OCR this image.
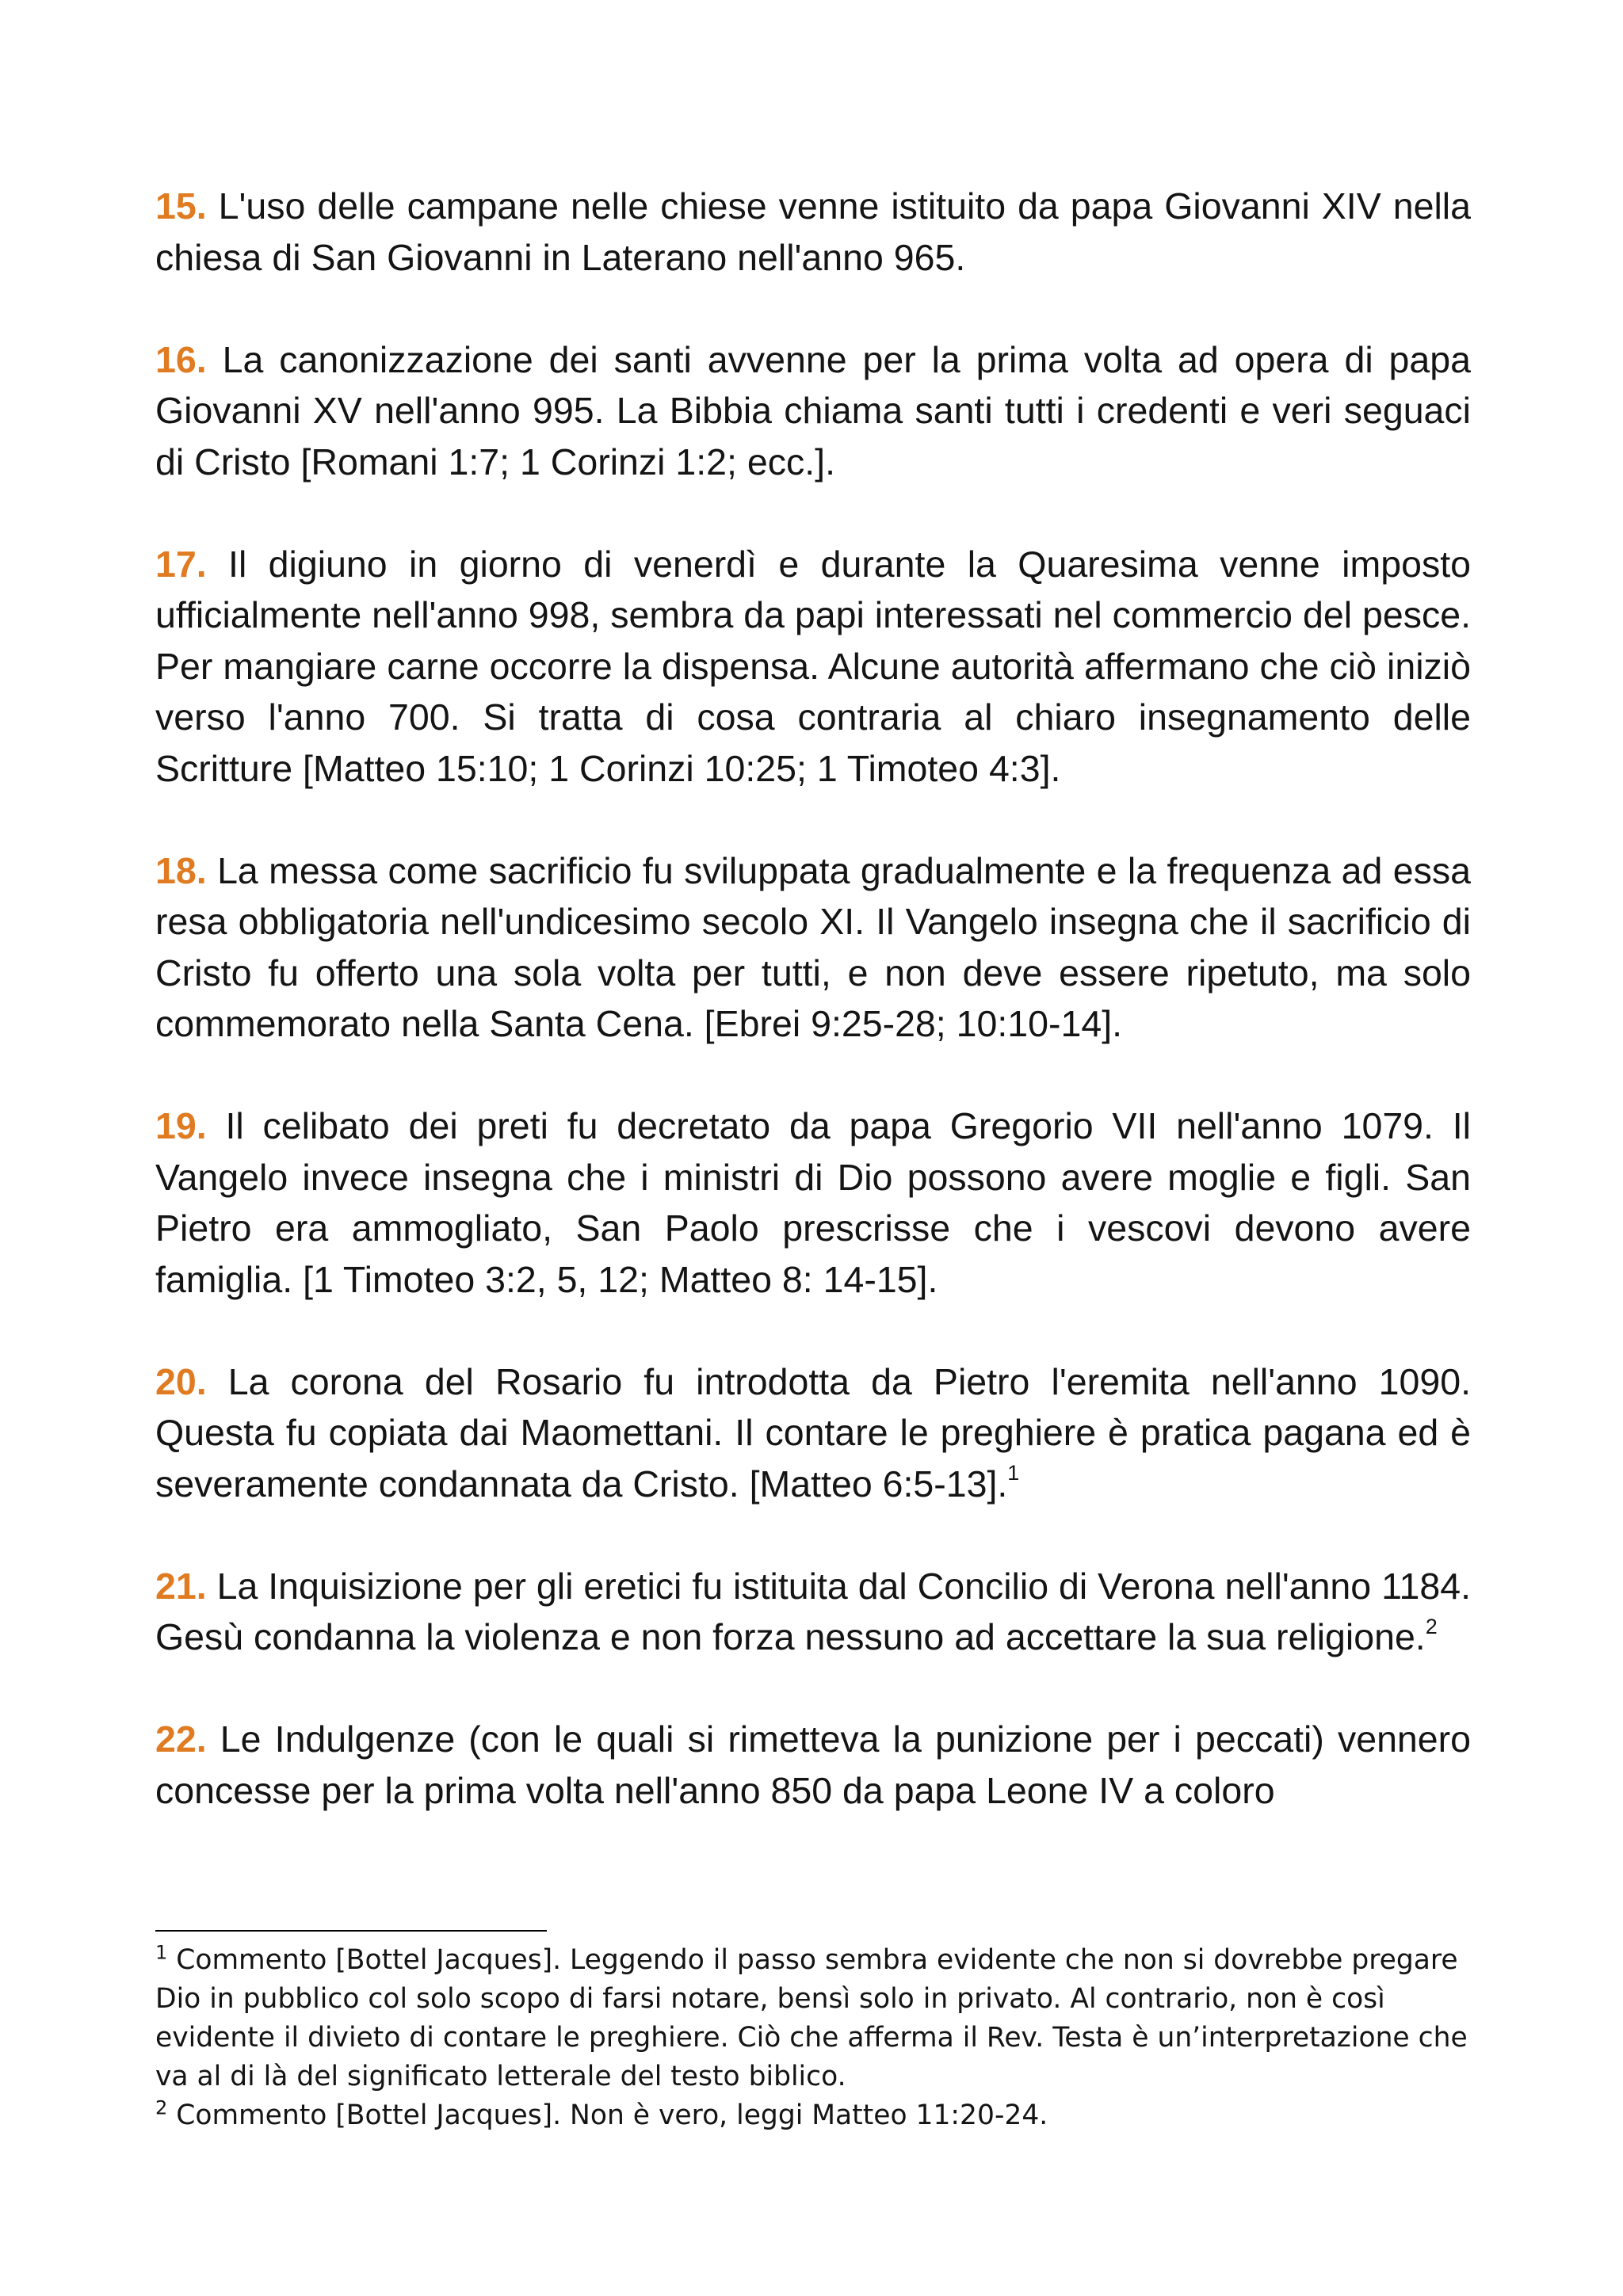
15. L'uso delle campane nelle chiese venne istituito da papa Giovanni XIV nella chiesa di San Giovanni in Laterano nell'anno 965.

16. La canonizzazione dei santi avvenne per la prima volta ad opera di papa Giovanni XV nell'anno 995. La Bibbia chiama santi tutti i credenti e veri seguaci di Cristo [Romani 1:7; 1 Corinzi 1:2; ecc.].

17. Il digiuno in giorno di venerdì e durante la Quaresima venne imposto ufficialmente nell'anno 998, sembra da papi interessati nel commercio del pesce. Per mangiare carne occorre la dispensa. Alcune autorità affermano che ciò iniziò verso l'anno 700. Si tratta di cosa contraria al chiaro insegnamento delle Scritture [Matteo 15:10; 1 Corinzi 10:25; 1 Timoteo 4:3].

18. La messa come sacrificio fu sviluppata gradualmente e la frequenza ad essa resa obbligatoria nell'undicesimo secolo XI. Il Vangelo insegna che il sacrificio di Cristo fu offerto una sola volta per tutti, e non deve essere ripetuto, ma solo commemorato nella Santa Cena. [Ebrei 9:25-28; 10:10-14].

19. Il celibato dei preti fu decretato da papa Gregorio VII nell'anno 1079. Il Vangelo invece insegna che i ministri di Dio possono avere moglie e figli. San Pietro era ammogliato, San Paolo prescrisse che i vescovi devono avere famiglia. [1 Timoteo 3:2, 5, 12; Matteo 8: 14-15].

20. La corona del Rosario fu introdotta da Pietro l'eremita nell'anno 1090. Questa fu copiata dai Maomettani. Il contare le preghiere è pratica pagana ed è severamente condannata da Cristo. [Matteo 6:5-13].$^1$

21. La Inquisizione per gli eretici fu istituita dal Concilio di Verona nell'anno 1184. Gesù condanna la violenza e non forza nessuno ad accettare la sua religione.$^2$

22. Le Indulgenze (con le quali si rimetteva la punizione per i peccati) vennero concesse per la prima volta nell'anno 850 da papa Leone IV a coloro

$^1$ Commento [Bottel Jacques]. Leggendo il passo sembra evidente che non si dovrebbe pregare Dio in pubblico col solo scopo di farsi notare, bensì solo in privato. Al contrario, non è così evidente il divieto di contare le preghiere. Ciò che afferma il Rev. Testa è un’interpretazione che va al di là del significato letterale del testo biblico.

$^2$ Commento [Bottel Jacques]. Non è vero, leggi Matteo 11:20-24.
